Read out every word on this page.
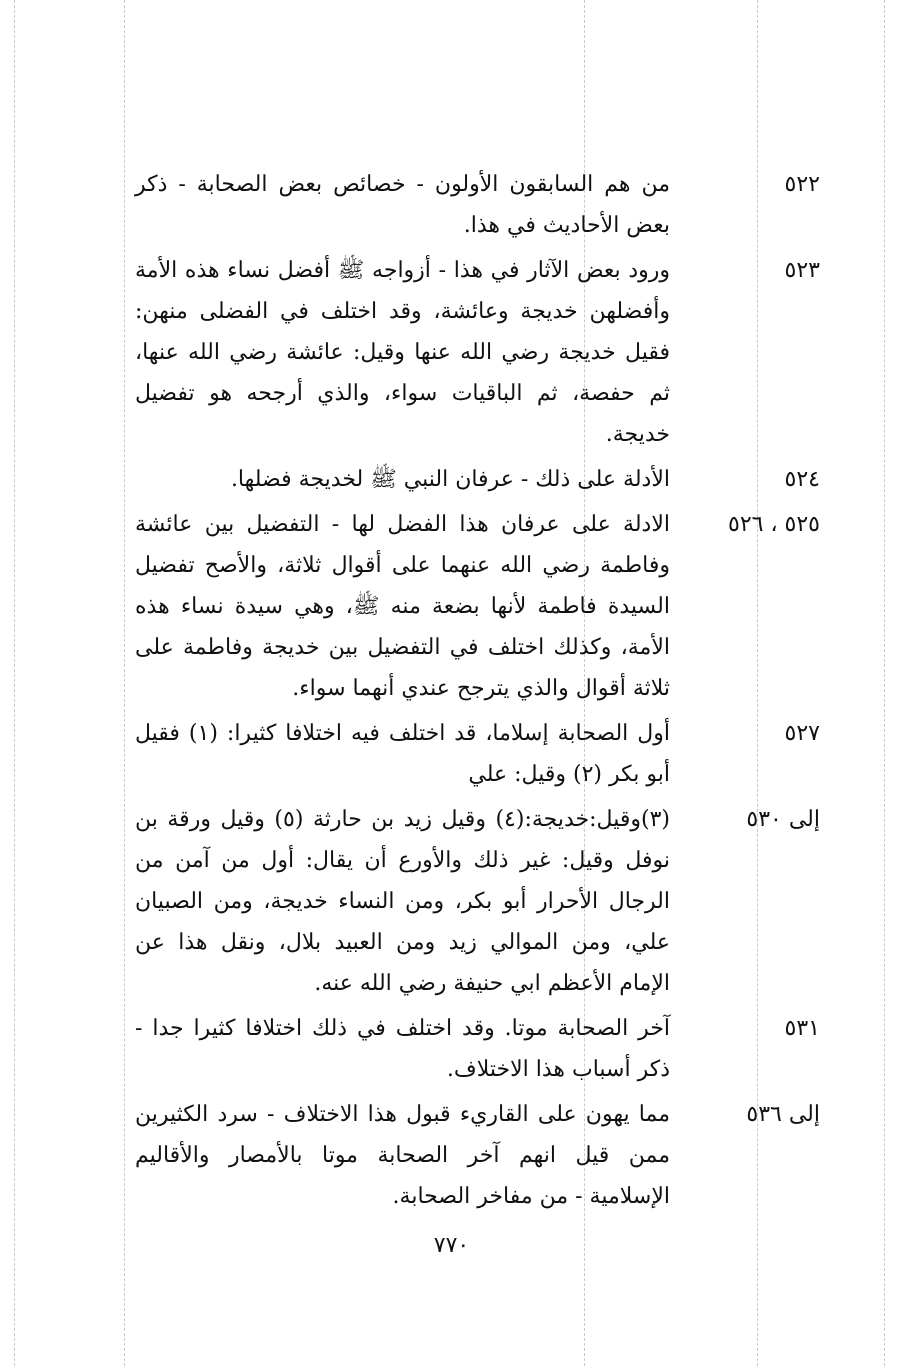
٥٢٢
من هم السابقون الأولون - خصائص بعض الصحابة - ذكر بعض الأحاديث في هذا.
٥٢٣
ورود بعض الآثار في هذا - أزواجه ﷺ أفضل نساء هذه الأمة وأفضلهن خديجة وعائشة، وقد اختلف في الفضلى منهن: فقيل خديجة رضي الله عنها وقيل: عائشة رضي الله عنها، ثم حفصة، ثم الباقيات سواء، والذي أرجحه هو تفضيل خديجة.
٥٢٤
الأدلة على ذلك - عرفان النبي ﷺ لخديجة فضلها.
٥٢٥ ، ٥٢٦
الادلة على عرفان هذا الفضل لها - التفضيل بين عائشة وفاطمة رضي الله عنهما على أقوال ثلاثة، والأصح تفضيل السيدة فاطمة لأنها بضعة منه ﷺ، وهي سيدة نساء هذه الأمة، وكذلك اختلف في التفضيل بين خديجة وفاطمة على ثلاثة أقوال والذي يترجح عندي أنهما سواء.
٥٢٧
أول الصحابة إسلاما، قد اختلف فيه اختلافا كثيرا: (١) فقيل أبو بكر (٢) وقيل: علي
إلى ٥٣٠
(٣)وقيل:خديجة:(٤) وقيل زيد بن حارثة (٥) وقيل ورقة بن نوفل وقيل: غير ذلك والأورع أن يقال: أول من آمن من الرجال الأحرار أبو بكر، ومن النساء خديجة، ومن الصبيان علي، ومن الموالي زيد ومن العبيد بلال، ونقل هذا عن الإمام الأعظم ابي حنيفة رضي الله عنه.
٥٣١
آخر الصحابة موتا. وقد اختلف في ذلك اختلافا كثيرا جدا - ذكر أسباب هذا الاختلاف.
إلى ٥٣٦
مما يهون على القاريء قبول هذا الاختلاف - سرد الكثيرين ممن قيل انهم آخر الصحابة موتا بالأمصار والأقاليم الإسلامية - من مفاخر الصحابة.
٧٧٠
